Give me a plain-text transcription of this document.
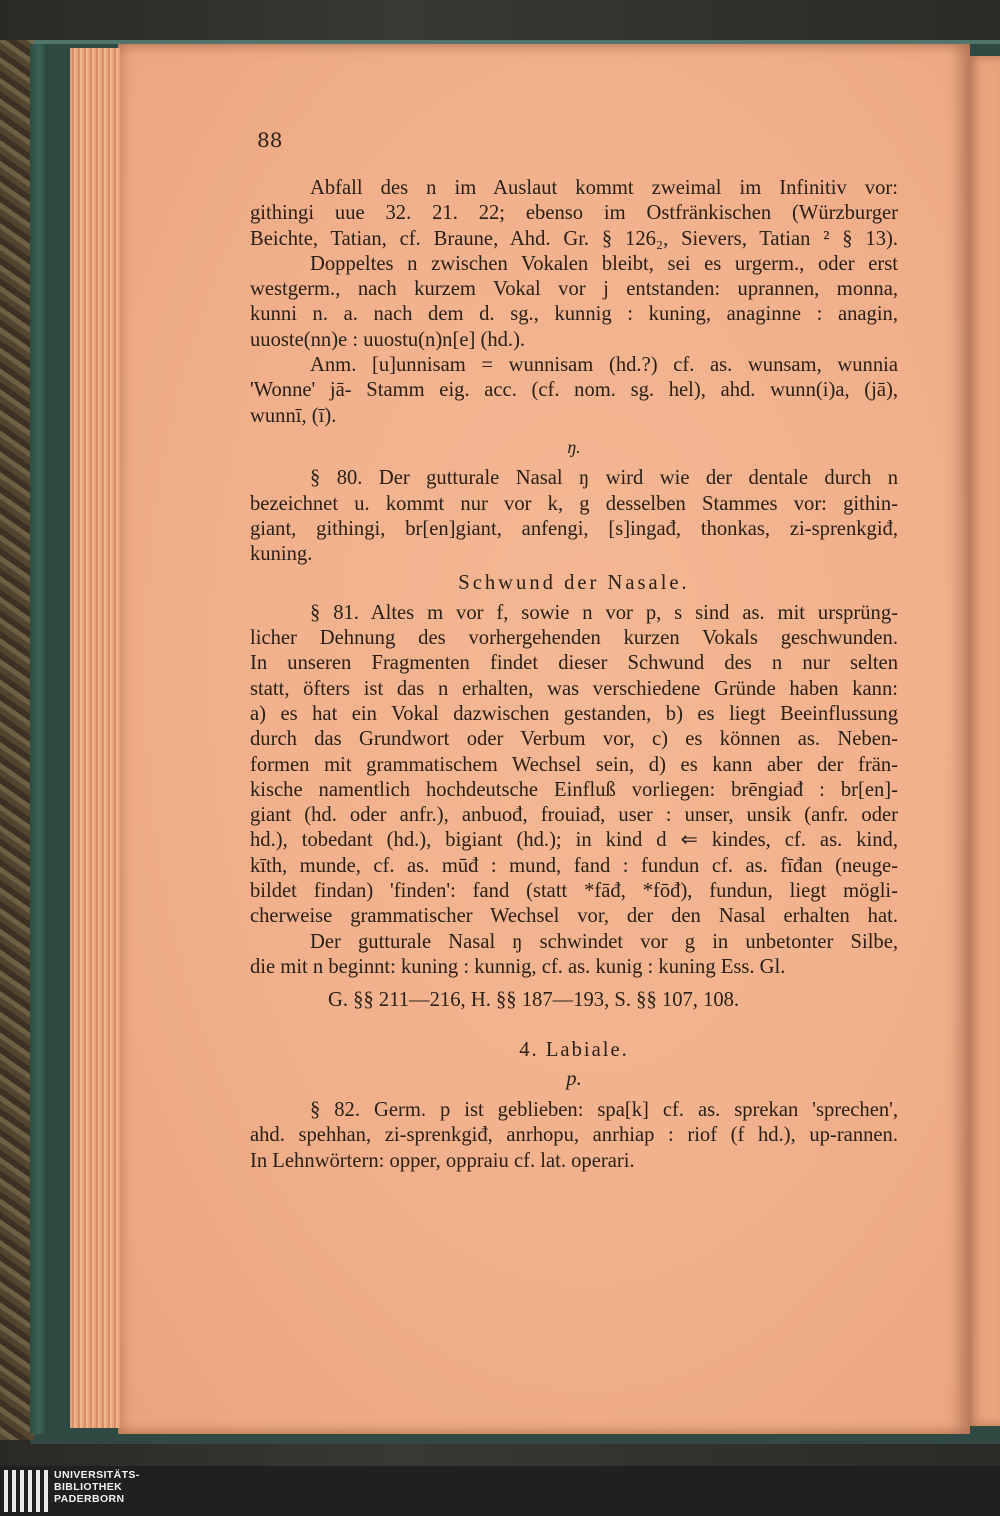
88
Abfall des n im Auslaut kommt zweimal im Infinitiv vor:
githingi uue 32. 21. 22; ebenso im Ostfränkischen (Würzburger
Beichte, Tatian, cf. Braune, Ahd. Gr. § 126₂, Sievers, Tatian ² § 13).
Doppeltes n zwischen Vokalen bleibt, sei es urgerm., oder erst
westgerm., nach kurzem Vokal vor j entstanden: uprannen, monna,
kunni n. a. nach dem d. sg., kunnig : kuning, anaginne : anagin,
uuoste(nn)e : uuostu(n)n[e] (hd.).
Anm. [u]unnisam = wunnisam (hd.?) cf. as. wunsam, wunnia
'Wonne' jā- Stamm eig. acc. (cf. nom. sg. hel), ahd. wunn(i)a, (jā),
wunnī, (ī).
ŋ.
§ 80. Der gutturale Nasal ŋ wird wie der dentale durch n
bezeichnet u. kommt nur vor k, g desselben Stammes vor: githin-
giant, githingi, br[en]giant, anfengi, [s]ingađ, thonkas, zi-sprenkgiđ,
kuning.
Schwund der Nasale.
§ 81. Altes m vor f, sowie n vor p, s sind as. mit ursprüng-
licher Dehnung des vorhergehenden kurzen Vokals geschwunden.
In unseren Fragmenten findet dieser Schwund des n nur selten
statt, öfters ist das n erhalten, was verschiedene Gründe haben kann:
a) es hat ein Vokal dazwischen gestanden, b) es liegt Beeinflussung
durch das Grundwort oder Verbum vor, c) es können as. Neben-
formen mit grammatischem Wechsel sein, d) es kann aber der frän-
kische namentlich hochdeutsche Einfluß vorliegen: brēngiađ : br[en]-
giant (hd. oder anfr.), anbuođ, frouiađ, user : unser, unsik (anfr. oder
hd.), tobedant (hd.), bigiant (hd.); in kind d ⇐ kindes, cf. as. kind,
kīth, munde, cf. as. mūđ : mund, fand : fundun cf. as. fīđan (neuge-
bildet findan) 'finden': fand (statt *fāđ, *fōđ), fundun, liegt mögli-
cherweise grammatischer Wechsel vor, der den Nasal erhalten hat.
Der gutturale Nasal ŋ schwindet vor g in unbetonter Silbe,
die mit n beginnt: kuning : kunnig, cf. as. kunig : kuning Ess. Gl.
G. §§ 211—216, H. §§ 187—193, S. §§ 107, 108.
4. Labiale.
p.
§ 82. Germ. p ist geblieben: spa[k] cf. as. sprekan 'sprechen',
ahd. spehhan, zi-sprenkgiđ, anrhopu, anrhiap : riof (f hd.), up-rannen.
In Lehnwörtern: opper, oppraiu cf. lat. operari.
UNIVERSITÄTS-
BIBLIOTHEK
PADERBORN
